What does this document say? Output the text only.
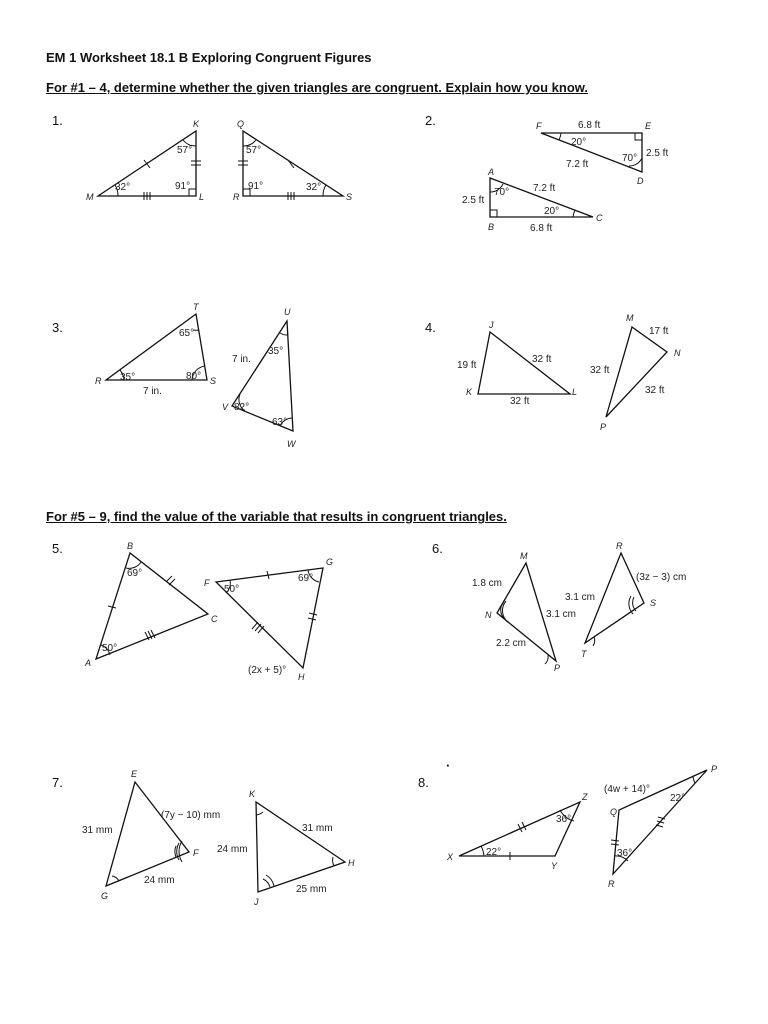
EM 1 Worksheet 18.1 B Exploring Congruent Figures
For #1 – 4, determine whether the given triangles are congruent. Explain how you know.
For #5 – 9, find the value of the variable that results in congruent triangles.
1.	2.
3.	4.
5.	6.
7.	8.
·
K
M	L
Q
R	S
57°
32°	91°
57°
91°	32°
F	E
D
A
B
C
6.8 ft
20°
70° 2.5 ft
7.2 ft
70° 7.2 ft
2.5 ft
20°
6.8 ft
T
R	S
U
V
W
65°
35°	80°
7 in.
35°
7 in.
82°
63°
J
K	L
M
N
P
19 ft
32 ft
32 ft
17 ft
32 ft
32 ft
B
A
C
F
G
H
69°
50°
50°
69°
(2x + 5)°
M
N
P
R
S
T
1.8 cm
3.1 cm
3.1 cm
2.2 cm
(3z − 3) cm
E
G
F
K
J
H
31 mm
(7y − 10) mm
24 mm
31 mm
24 mm
25 mm
X
Y
Z
P
Q
R
22°
36°
(4w + 14)°
22°
36°
